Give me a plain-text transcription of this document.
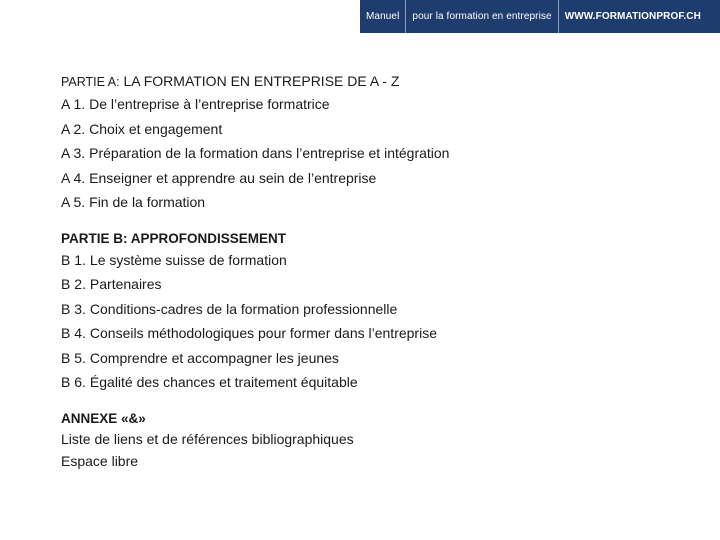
Manuel	pour la formation en entreprise	WWW.FORMATIONPROF.CH
PARTIE A: LA FORMATION EN ENTREPRISE DE A - Z
A 1. De l’entreprise à l’entreprise formatrice
A 2. Choix et engagement
A 3. Préparation de la formation dans l’entreprise et intégration
A 4. Enseigner et apprendre au sein de l’entreprise
A 5. Fin de la formation
PARTIE B: APPROFONDISSEMENT
B 1. Le système suisse de formation
B 2. Partenaires
B 3. Conditions-cadres de la formation professionnelle
B 4. Conseils méthodologiques pour former dans l’entreprise
B 5. Comprendre et accompagner les jeunes
B 6. Égalité des chances et traitement équitable
ANNEXE «&»
Liste de liens et de références bibliographiques
Espace libre
